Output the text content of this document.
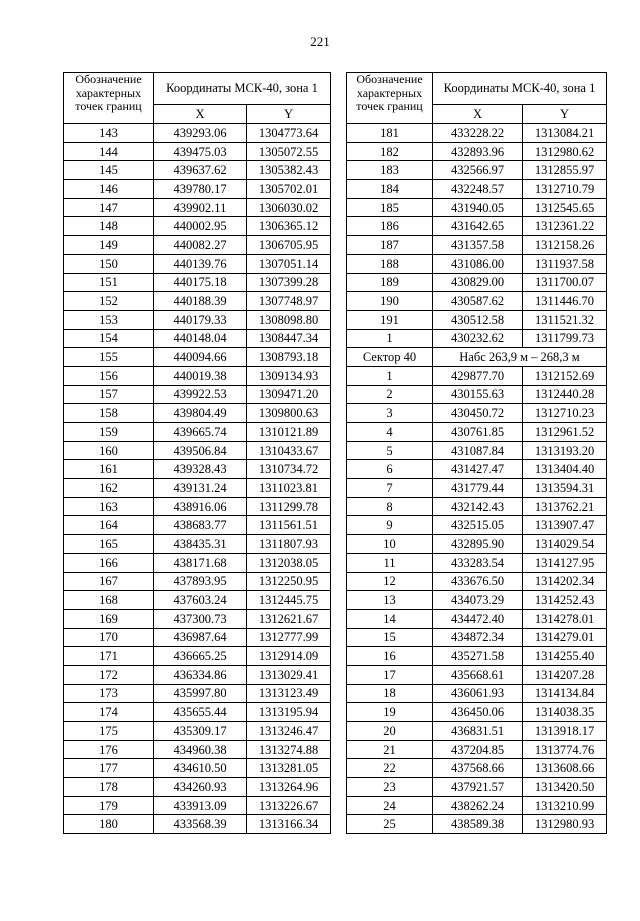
221
Обозначение характерных точек границ	Координаты МСК-40, зона 1	
	X	Y
143	439293.06	1304773.64
144	439475.03	1305072.55
145	439637.62	1305382.43
146	439780.17	1305702.01
147	439902.11	1306030.02
148	440002.95	1306365.12
149	440082.27	1306705.95
150	440139.76	1307051.14
151	440175.18	1307399.28
152	440188.39	1307748.97
153	440179.33	1308098.80
154	440148.04	1308447.34
155	440094.66	1308793.18
156	440019.38	1309134.93
157	439922.53	1309471.20
158	439804.49	1309800.63
159	439665.74	1310121.89
160	439506.84	1310433.67
161	439328.43	1310734.72
162	439131.24	1311023.81
163	438916.06	1311299.78
164	438683.77	1311561.51
165	438435.31	1311807.93
166	438171.68	1312038.05
167	437893.95	1312250.95
168	437603.24	1312445.75
169	437300.73	1312621.67
170	436987.64	1312777.99
171	436665.25	1312914.09
172	436334.86	1313029.41
173	435997.80	1313123.49
174	435655.44	1313195.94
175	435309.17	1313246.47
176	434960.38	1313274.88
177	434610.50	1313281.05
178	434260.93	1313264.96
179	433913.09	1313226.67
180	433568.39	1313166.34
Обозначение характерных точек границ	Координаты МСК-40, зона 1	
	X	Y
181	433228.22	1313084.21
182	432893.96	1312980.62
183	432566.97	1312855.97
184	432248.57	1312710.79
185	431940.05	1312545.65
186	431642.65	1312361.22
187	431357.58	1312158.26
188	431086.00	1311937.58
189	430829.00	1311700.07
190	430587.62	1311446.70
191	430512.58	1311521.32
1	430232.62	1311799.73
Сектор 40	Набс 263,9 м – 268,3 м	
1	429877.70	1312152.69
2	430155.63	1312440.28
3	430450.72	1312710.23
4	430761.85	1312961.52
5	431087.84	1313193.20
6	431427.47	1313404.40
7	431779.44	1313594.31
8	432142.43	1313762.21
9	432515.05	1313907.47
10	432895.90	1314029.54
11	433283.54	1314127.95
12	433676.50	1314202.34
13	434073.29	1314252.43
14	434472.40	1314278.01
15	434872.34	1314279.01
16	435271.58	1314255.40
17	435668.61	1314207.28
18	436061.93	1314134.84
19	436450.06	1314038.35
20	436831.51	1313918.17
21	437204.85	1313774.76
22	437568.66	1313608.66
23	437921.57	1313420.50
24	438262.24	1313210.99
25	438589.38	1312980.93
